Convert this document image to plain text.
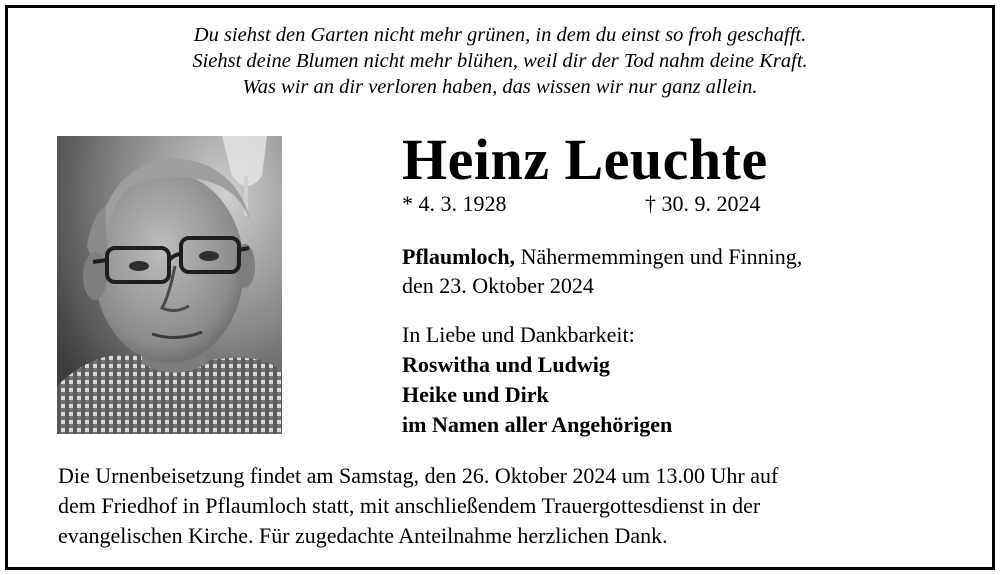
Du siehst den Garten nicht mehr grünen, in dem du einst so froh geschafft.
Siehst deine Blumen nicht mehr blühen, weil dir der Tod nahm deine Kraft.
Was wir an dir verloren haben, das wissen wir nur ganz allein.
Heinz Leuchte
* 4. 3. 1928	† 30. 9. 2024
Pflaumloch, Nähermemmingen und Finning,
den 23. Oktober 2024
In Liebe und Dankbarkeit:
Roswitha und Ludwig
Heike und Dirk
im Namen aller Angehörigen
Die Urnenbeisetzung findet am Samstag, den 26. Oktober 2024 um 13.00 Uhr auf
dem Friedhof in Pflaumloch statt, mit anschließendem Trauergottesdienst in der
evangelischen Kirche. Für zugedachte Anteilnahme herzlichen Dank.
